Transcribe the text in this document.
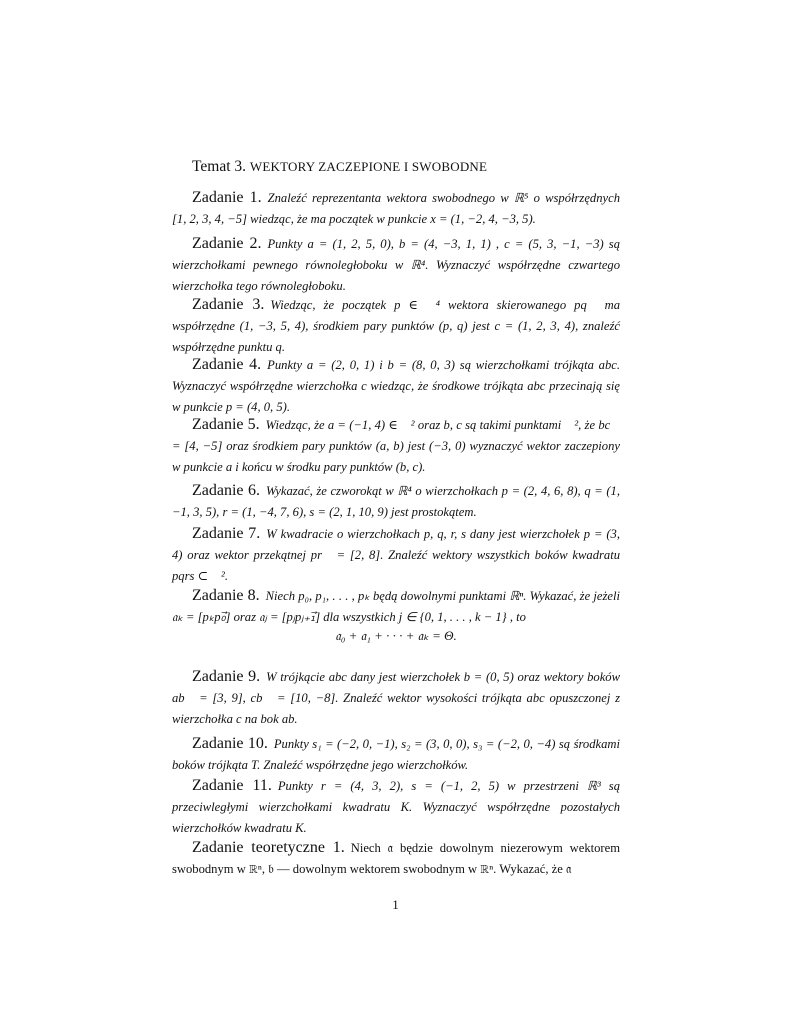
Temat 3. WEKTORY ZACZEPIONE I SWOBODNE
Zadanie 1. Znaleźć reprezentanta wektora swobodnego w ℝ⁵ o współrzędnych [1, 2, 3, 4, −5] wiedząc, że ma początek w punkcie x = (1, −2, 4, −3, 5).
Zadanie 2. Punkty a = (1, 2, 5, 0), b = (4, −3, 1, 1) , c = (5, 3, −1, −3) są wierzchołkami pewnego równoległoboku w ℝ⁴. Wyznaczyć współrzędne czwartego wierzchołka tego równoległoboku.
Zadanie 3. Wiedząc, że początek p ∈ ℝ⁴ wektora skierowanego pq⃗ ma współrzędne (1, −3, 5, 4), środkiem pary punktów (p, q) jest c = (1, 2, 3, 4), znaleźć współrzędne punktu q.
Zadanie 4. Punkty a = (2, 0, 1) i b = (8, 0, 3) są wierzchołkami trójkąta abc. Wyznaczyć współrzędne wierzchołka c wiedząc, że środkowe trójkąta abc przecinają się w punkcie p = (4, 0, 5).
Zadanie 5. Wiedząc, że a = (−1, 4) ∈ ℝ² oraz b, c są takimi punktami ℝ², że bc⃗ = [4, −5] oraz środkiem pary punktów (a, b) jest (−3, 0) wyznaczyć wektor zaczepiony w punkcie a i końcu w środku pary punktów (b, c).
Zadanie 6. Wykazać, że czworokąt w ℝ⁴ o wierzchołkach p = (2, 4, 6, 8), q = (1, −1, 3, 5), r = (1, −4, 7, 6), s = (2, 1, 10, 9) jest prostokątem.
Zadanie 7. W kwadracie o wierzchołkach p, q, r, s dany jest wierzchołek p = (3, 4) oraz wektor przekątnej pr⃗ = [2, 8]. Znaleźć wektory wszystkich boków kwadratu pqrs ⊂ ℝ².
Zadanie 8. Niech p₀, p₁, . . . , pₖ będą dowolnymi punktami ℝⁿ. Wykazać, że jeżeli 𝔞ₖ = [pₖp₀⃗] oraz 𝔞ⱼ = [pⱼpⱼ₊₁⃗] dla wszystkich j ∈ {0, 1, . . . , k − 1} , to
𝔞₀ + 𝔞₁ + · · · + 𝔞ₖ = Θ.
Zadanie 9. W trójkącie abc dany jest wierzchołek b = (0, 5) oraz wektory boków ab⃗ = [3, 9], cb⃗ = [10, −8]. Znaleźć wektor wysokości trójkąta abc opuszczonej z wierzchołka c na bok ab.
Zadanie 10. Punkty s₁ = (−2, 0, −1), s₂ = (3, 0, 0), s₃ = (−2, 0, −4) są środkami boków trójkąta T. Znaleźć współrzędne jego wierzchołków.
Zadanie 11. Punkty r = (4, 3, 2), s = (−1, 2, 5) w przestrzeni ℝ³ są przeciwległymi wierzchołkami kwadratu K. Wyznaczyć współrzędne pozostałych wierzchołków kwadratu K.
Zadanie teoretyczne 1. Niech 𝔞 będzie dowolnym niezerowym wektorem swobodnym w ℝⁿ, 𝔟 — dowolnym wektorem swobodnym w ℝⁿ. Wykazać, że 𝔞
1
